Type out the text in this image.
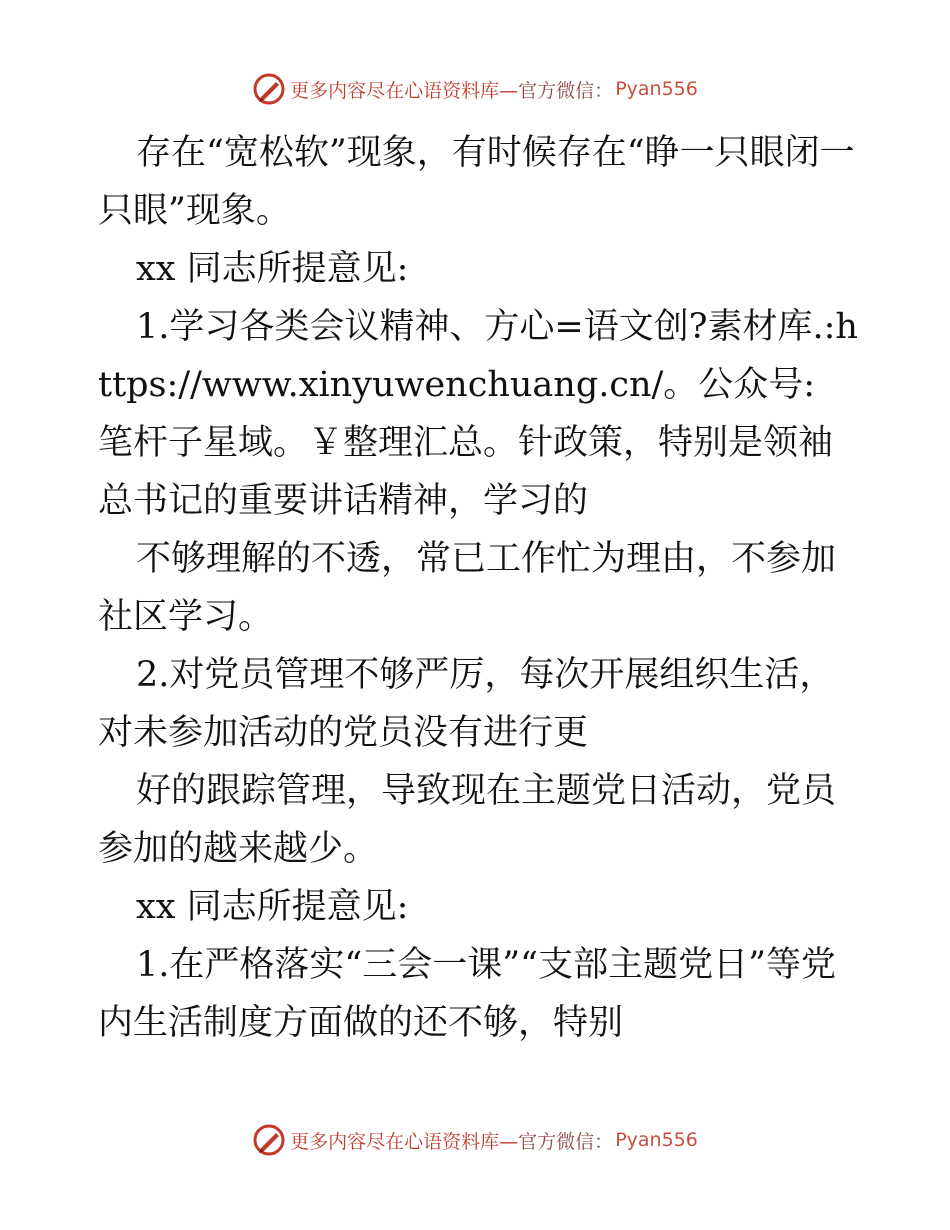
更多内容尽在心语资料库— 官方微信： Pyan556

存在“宽松软”现象，有时候存在“睁一只眼闭一只眼”现象。

xx 同志所提意见:

1.学习各类会议精神、方心=语文创?素材库.:https://www.xinyuwenchuang.cn/。公众号: 笔杆子星域。￥整理汇总。针政策，特别是领袖总书记的重要讲话精神，学习的

不够理解的不透，常已工作忙为理由，不参加社区学习。

2.对党员管理不够严厉，每次开展组织生活，对未参加活动的党员没有进行更

好的跟踪管理，导致现在主题党日活动，党员参加的越来越少。

xx 同志所提意见:

1.在严格落实“三会一课”“支部主题党日”等党内生活制度方面做的还不够，特别

更多内容尽在心语资料库— 官方微信： Pyan556
